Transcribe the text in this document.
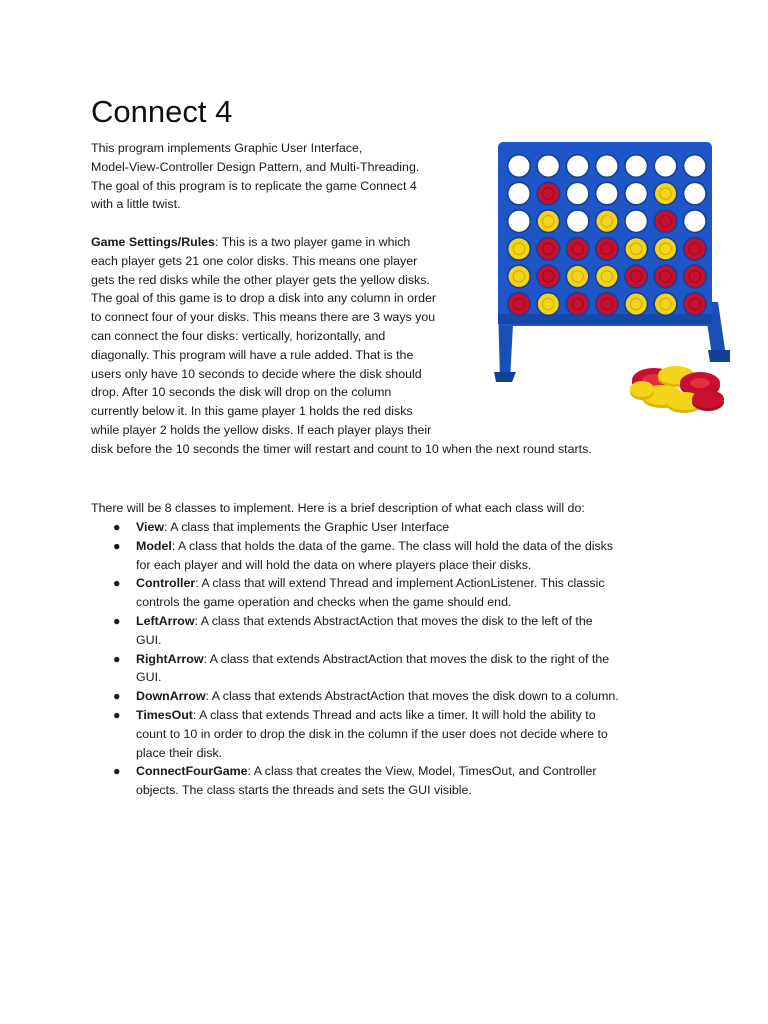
Connect 4
This program implements Graphic User Interface,
Model-View-Controller Design Pattern, and Multi-Threading.
The goal of this program is to replicate the game Connect 4
with a little twist.
Game Settings/Rules: This is a two player game in which
each player gets 21 one color disks. This means one player
gets the red disks while the other player gets the yellow disks.
The goal of this game is to drop a disk into any column in order
to connect four of your disks. This means there are 3 ways you
can connect the four disks: vertically, horizontally, and
diagonally. This program will have a rule added. That is the
users only have 10 seconds to decide where the disk should
drop. After 10 seconds the disk will drop on the column
currently below it. In this game player 1 holds the red disks
while player 2 holds the yellow disks. If each player plays their
disk before the 10 seconds the timer will restart and count to 10 when the next round starts.
There will be 8 classes to implement. Here is a brief description of what each class will do:
● View: A class that implements the Graphic User Interface
● Model: A class that holds the data of the game. The class will hold the data of the disks
for each player and will hold the data on where players place their disks.
● Controller: A class that will extend Thread and implement ActionListener. This classic
controls the game operation and checks when the game should end.
● LeftArrow: A class that extends AbstractAction that moves the disk to the left of the
GUI.
● RightArrow: A class that extends AbstractAction that moves the disk to the right of the
GUI.
● DownArrow: A class that extends AbstractAction that moves the disk down to a column.
● TimesOut: A class that extends Thread and acts like a timer. It will hold the ability to
count to 10 in order to drop the disk in the column if the user does not decide where to
place their disk.
● ConnectFourGame: A class that creates the View, Model, TimesOut, and Controller
objects. The class starts the threads and sets the GUI visible.
